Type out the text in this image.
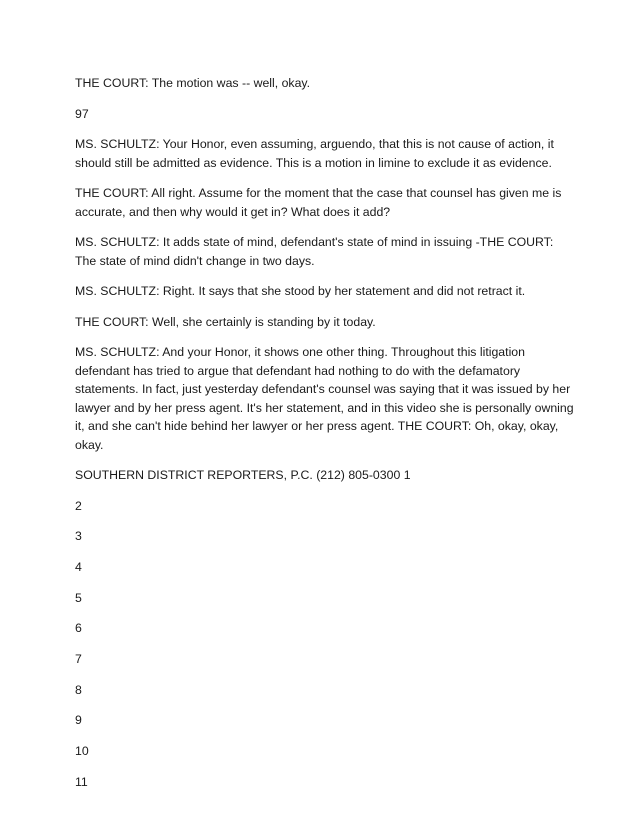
THE COURT: The motion was -- well, okay.

97

MS. SCHULTZ: Your Honor, even assuming, arguendo, that this is not cause of action, it should still be admitted as evidence. This is a motion in limine to exclude it as evidence.

THE COURT: All right. Assume for the moment that the case that counsel has given me is accurate, and then why would it get in? What does it add?

MS. SCHULTZ: It adds state of mind, defendant's state of mind in issuing -THE COURT: The state of mind didn't change in two days.

MS. SCHULTZ: Right. It says that she stood by her statement and did not retract it.

THE COURT: Well, she certainly is standing by it today.

MS. SCHULTZ: And your Honor, it shows one other thing. Throughout this litigation defendant has tried to argue that defendant had nothing to do with the defamatory statements. In fact, just yesterday defendant's counsel was saying that it was issued by her lawyer and by her press agent. It's her statement, and in this video she is personally owning it, and she can't hide behind her lawyer or her press agent. THE COURT: Oh, okay, okay, okay.

SOUTHERN DISTRICT REPORTERS, P.C. (212) 805-0300 1

2
3
4
5
6
7
8
9
10
11
